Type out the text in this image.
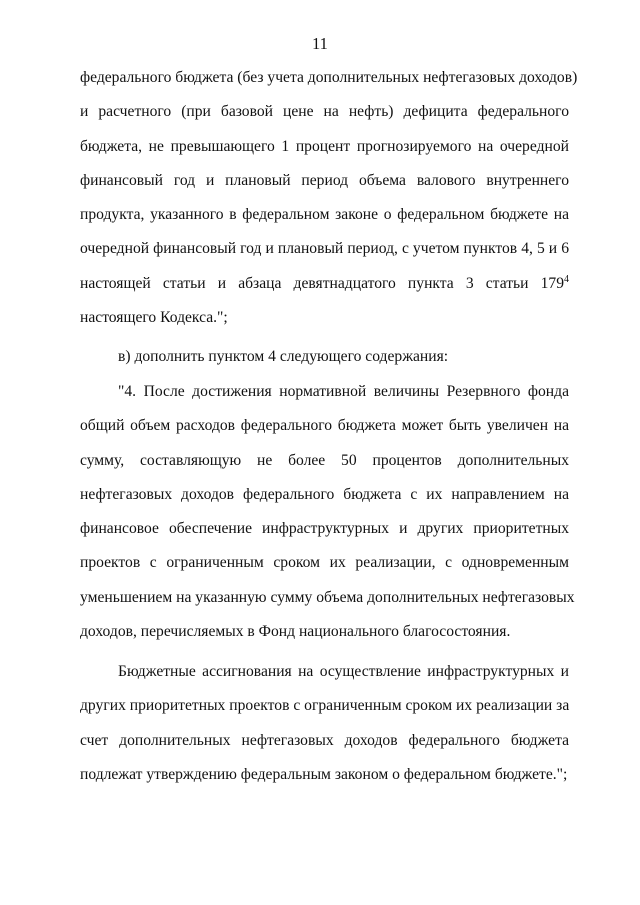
11
федерального бюджета (без учета дополнительных нефтегазовых доходов)
и расчетного (при базовой цене на нефть) дефицита федерального
бюджета, не превышающего 1 процент прогнозируемого на очередной
финансовый год и плановый период объема валового внутреннего
продукта, указанного в федеральном законе о федеральном бюджете на
очередной финансовый год и плановый период, с учетом пунктов 4, 5 и 6
настоящей статьи и абзаца девятнадцатого пункта 3 статьи $179^4$
настоящего Кодекса.";
в) дополнить пунктом 4 следующего содержания:
"4. После достижения нормативной величины Резервного фонда
общий объем расходов федерального бюджета может быть увеличен на
сумму, составляющую не более 50 процентов дополнительных
нефтегазовых доходов федерального бюджета с их направлением на
финансовое обеспечение инфраструктурных и других приоритетных
проектов с ограниченным сроком их реализации, с одновременным
уменьшением на указанную сумму объема дополнительных нефтегазовых
доходов, перечисляемых в Фонд национального благосостояния.
Бюджетные ассигнования на осуществление инфраструктурных и
других приоритетных проектов с ограниченным сроком их реализации за
счет дополнительных нефтегазовых доходов федерального бюджета
подлежат утверждению федеральным законом о федеральном бюджете.";
